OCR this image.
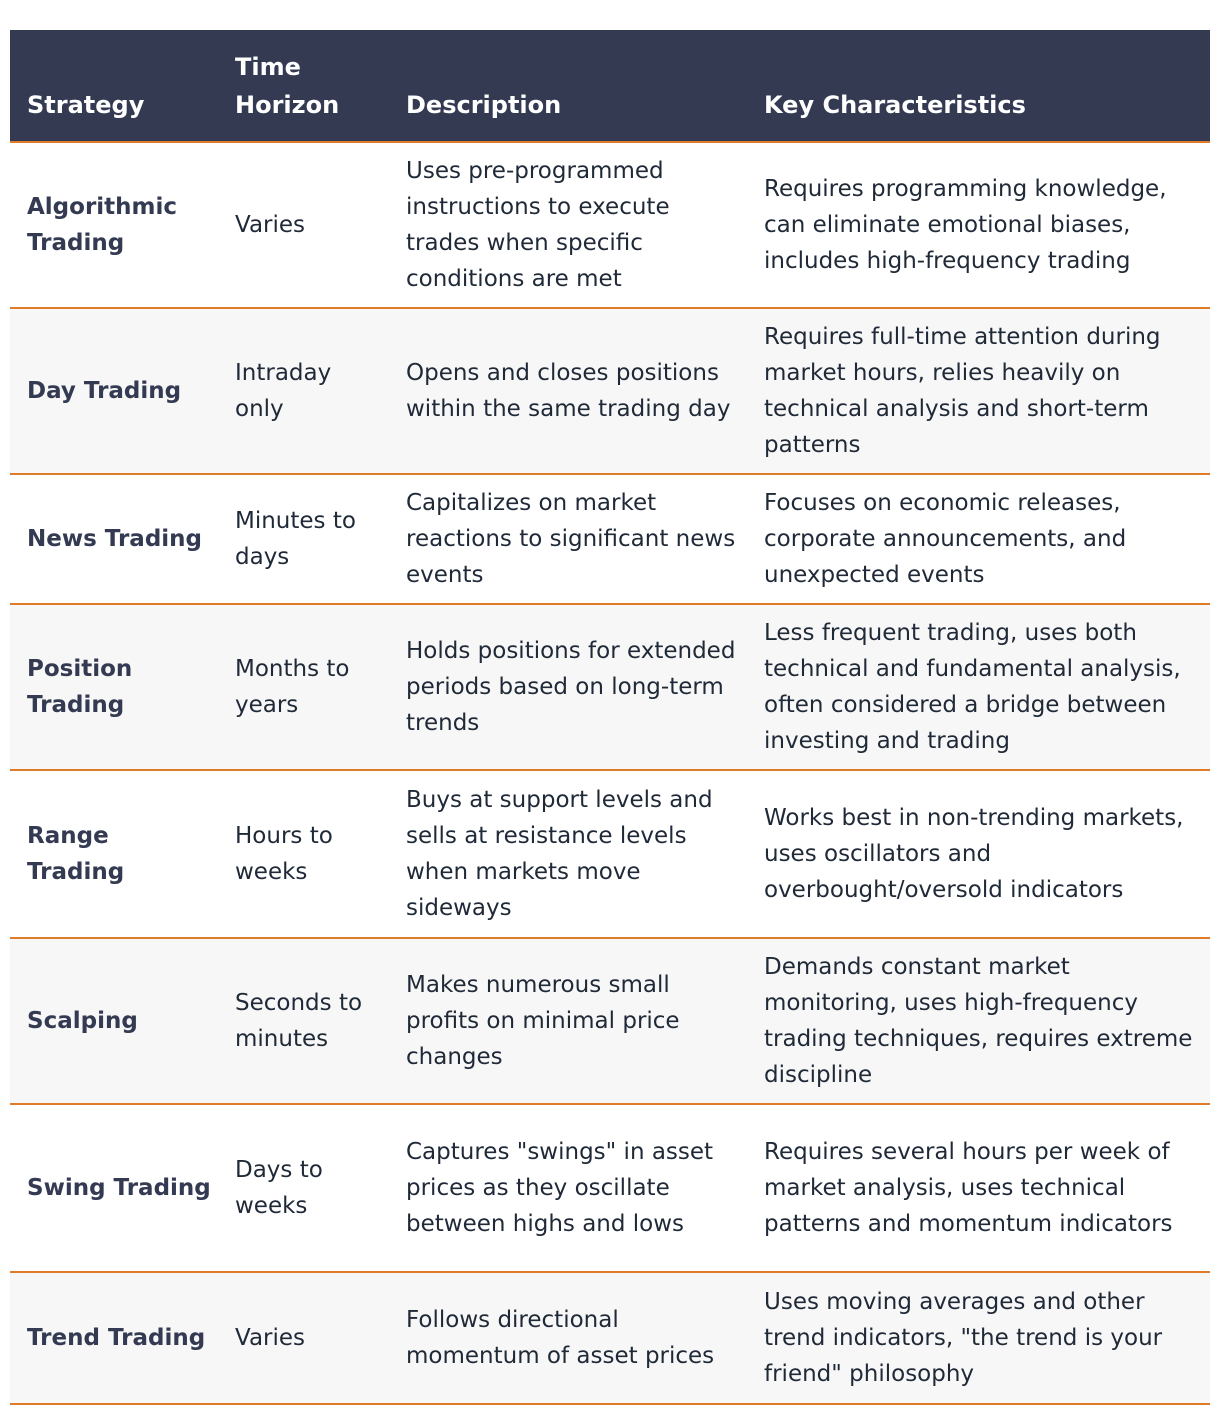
Strategy	Time Horizon	Description	Key Characteristics
Algorithmic Trading	Varies	Uses pre-programmed instructions to execute trades when specific conditions are met	Requires programming knowledge, can eliminate emotional biases, includes high-frequency trading
Day Trading	Intraday only	Opens and closes positions within the same trading day	Requires full-time attention during market hours, relies heavily on technical analysis and short-term patterns
News Trading	Minutes to days	Capitalizes on market reactions to significant news events	Focuses on economic releases, corporate announcements, and unexpected events
Position Trading	Months to years	Holds positions for extended periods based on long-term trends	Less frequent trading, uses both technical and fundamental analysis, often considered a bridge between investing and trading
Range Trading	Hours to weeks	Buys at support levels and sells at resistance levels when markets move sideways	Works best in non-trending markets, uses oscillators and overbought/oversold indicators
Scalping	Seconds to minutes	Makes numerous small profits on minimal price changes	Demands constant market monitoring, uses high-frequency trading techniques, requires extreme discipline
Swing Trading	Days to weeks	Captures "swings" in asset prices as they oscillate between highs and lows	Requires several hours per week of market analysis, uses technical patterns and momentum indicators
Trend Trading	Varies	Follows directional momentum of asset prices	Uses moving averages and other trend indicators, "the trend is your friend" philosophy
